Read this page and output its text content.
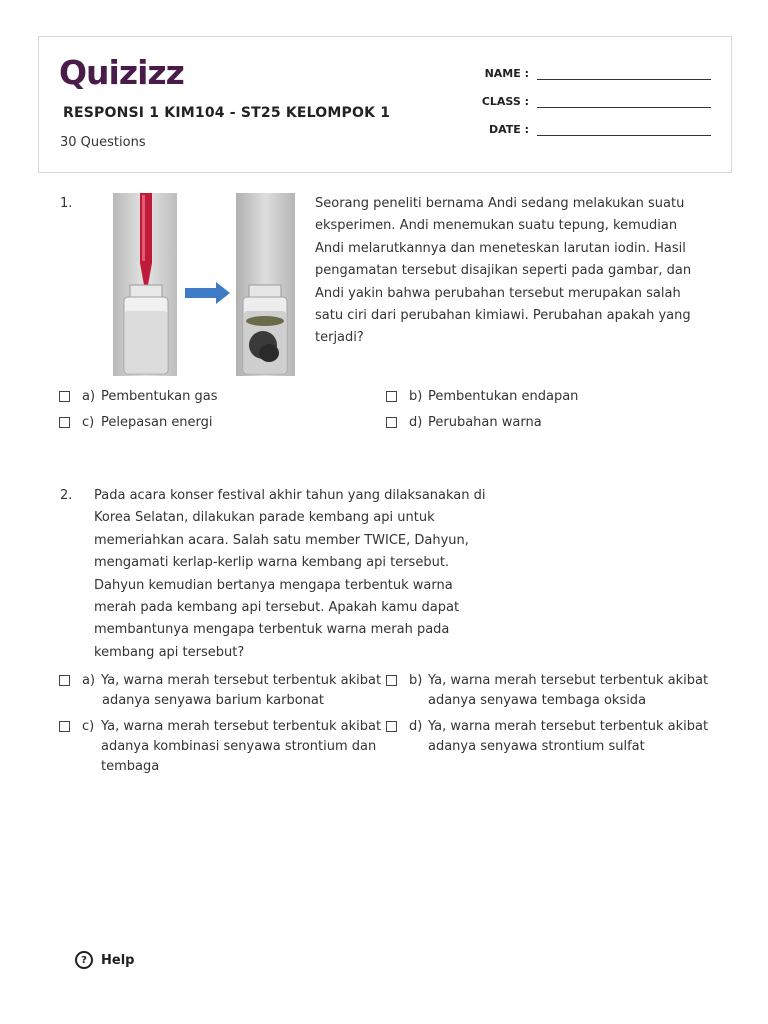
Quizizz
RESPONSI 1 KIM104 - ST25 KELOMPOK 1
30 Questions
NAME :
CLASS :
DATE :
1.	Seorang peneliti bernama Andi sedang melakukan suatu
eksperimen. Andi menemukan suatu tepung, kemudian
Andi melarutkannya dan meneteskan larutan iodin. Hasil
pengamatan tersebut disajikan seperti pada gambar, dan
Andi yakin bahwa perubahan tersebut merupakan salah
satu ciri dari perubahan kimiawi. Perubahan apakah yang
terjadi?
a) Pembentukan gas	b) Pembentukan endapan
c) Pelepasan energi	d) Perubahan warna
2. Pada acara konser festival akhir tahun yang dilaksanakan di
Korea Selatan, dilakukan parade kembang api untuk
memeriahkan acara. Salah satu member TWICE, Dahyun,
mengamati kerlap-kerlip warna kembang api tersebut.
Dahyun kemudian bertanya mengapa terbentuk warna
merah pada kembang api tersebut. Apakah kamu dapat
membantunya mengapa terbentuk warna merah pada
kembang api tersebut?
a) Ya, warna merah tersebut terbentuk akibat
adanya senyawa barium karbonat
b) Ya, warna merah tersebut terbentuk akibat
adanya senyawa tembaga oksida
c) Ya, warna merah tersebut terbentuk akibat
adanya kombinasi senyawa strontium dan
tembaga
d) Ya, warna merah tersebut terbentuk akibat
adanya senyawa strontium sulfat
?	Help
